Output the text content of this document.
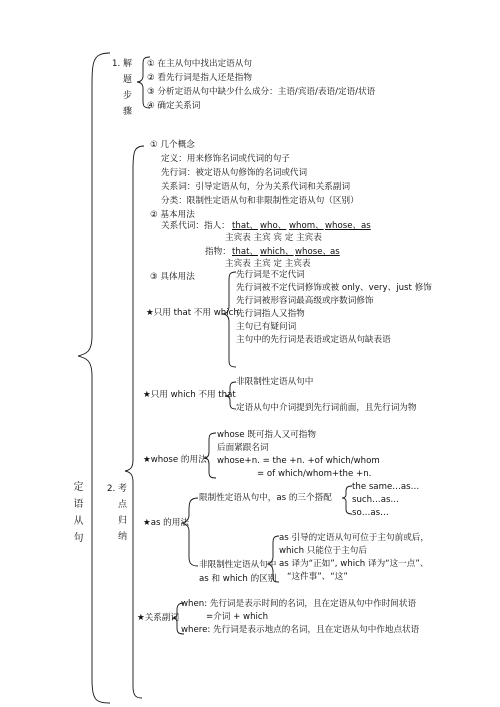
定语从句
1. 解题步骤
① 在主从句中找出定语从句
② 看先行词是指人还是指物
③ 分析定语从句中缺少什么成分：主语/宾语/表语/定语/状语
④ 确定关系词
2. 考点归纳
① 几个概念
定义：用来修饰名词或代词的句子
先行词：被定语从句修饰的名词或代词
关系词：引导定语从句，分为关系代词和关系副词
分类：限制性定语从句和非限制性定语从句（区别）
② 基本用法
关系代词：指人： that、 who、 whom、 whose、 as
主宾表 主宾 宾 定 主宾表
指物： that、 which、 whose、
as
主宾表 主宾 定 主宾表
③ 具体用法
★只用 that 不用 which
先行词是不定代词
先行词被不定代词修饰或被 only、very、just 修饰
先行词被形容词最高级或序数词修饰
先行词指人又指物
主句已有疑问词
主句中的先行词是表语或定语从句缺表语
★只用 which 不用 that
非限制性定语从句中
定语从句中介词提到先行词前面，且先行词为物
★whose 的用法
whose 既可指人又可指物
后面紧跟名词
whose+n. = the +n. +of which/whom
= of which/whom+the +n.
★as 的用法
限制性定语从句中，as 的三个搭配
the same…as…
such…as…
so…as…
非限制性定语从句中
as 和 which 的区别
as 引导的定语从句可位于主句前或后，
which 只能位于主句后
as 译为“正如”, which 译为“这一点”、
“这件事”、“这”
★关系副词
when: 先行词是表示时间的名词，且在定语从句中作时间状语
=介词 + which
where: 先行词是表示地点的名词，且在定语从句中作地点状语
